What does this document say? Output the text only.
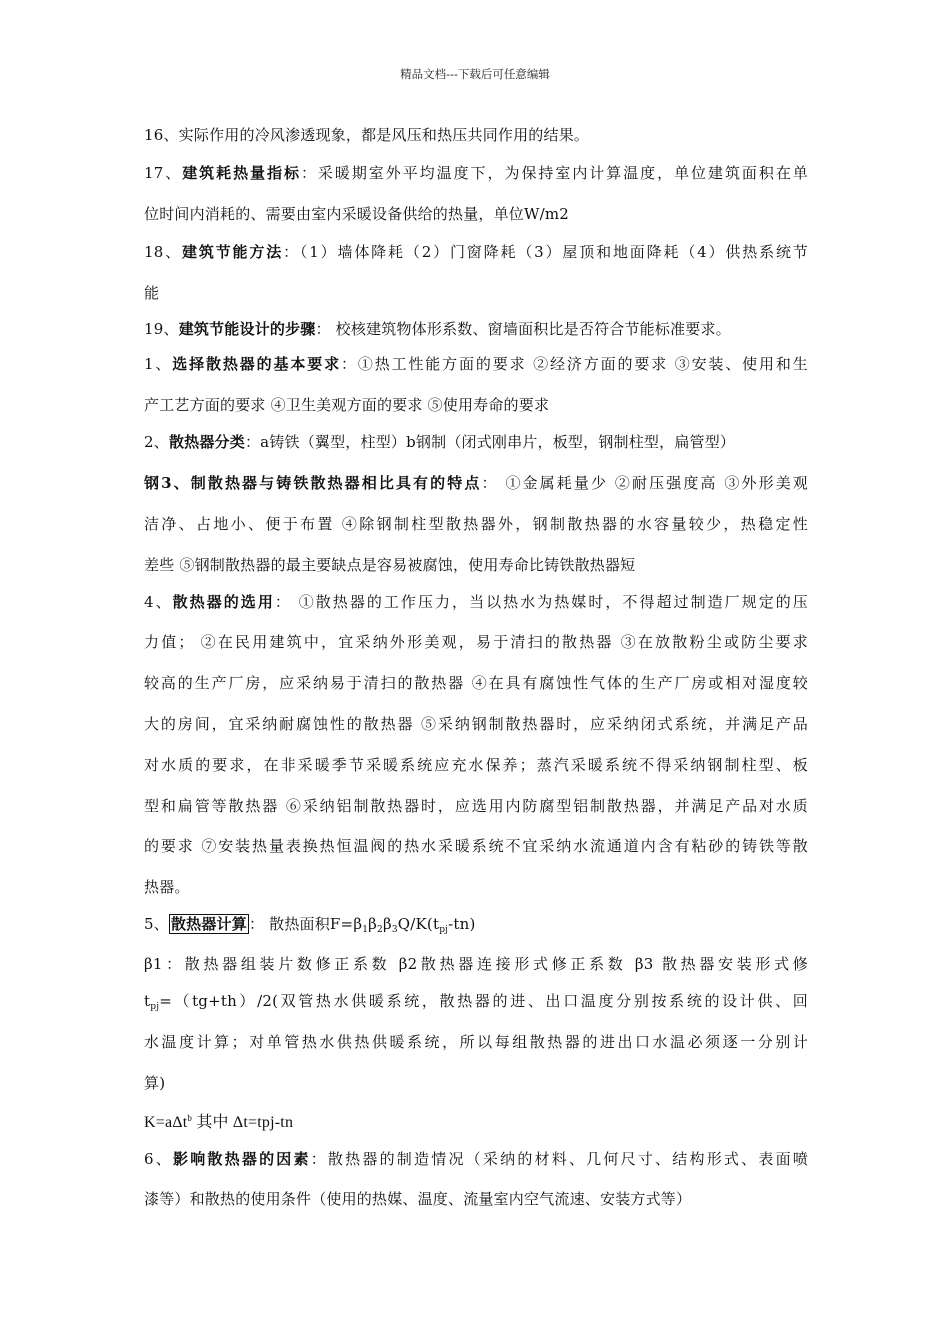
精品文档---下载后可任意编辑
16、实际作用的冷风渗透现象，都是风压和热压共同作用的结果。
17、建筑耗热量指标：采暖期室外平均温度下，为保持室内计算温度，单位建筑面积在单
位时间内消耗的、需要由室内采暖设备供给的热量，单位W/m2
18、建筑节能方法：（1）墙体降耗（2）门窗降耗（3）屋顶和地面降耗（4）供热系统节
能
19、建筑节能设计的步骤： 校核建筑物体形系数、窗墙面积比是否符合节能标准要求。
1、选择散热器的基本要求：①热工性能方面的要求 ②经济方面的要求 ③安装、使用和生
产工艺方面的要求 ④卫生美观方面的要求 ⑤使用寿命的要求
2、散热器分类：a铸铁（翼型，柱型）b钢制（闭式刚串片，板型，钢制柱型，扁管型）
钢3、制散热器与铸铁散热器相比具有的特点： ①金属耗量少 ②耐压强度高 ③外形美观
洁净、占地小、便于布置 ④除钢制柱型散热器外，钢制散热器的水容量较少，热稳定性
差些 ⑤钢制散热器的最主要缺点是容易被腐蚀，使用寿命比铸铁散热器短
4、散热器的选用： ①散热器的工作压力，当以热水为热媒时，不得超过制造厂规定的压
力值； ②在民用建筑中，宜采纳外形美观，易于清扫的散热器 ③在放散粉尘或防尘要求
较高的生产厂房，应采纳易于清扫的散热器 ④在具有腐蚀性气体的生产厂房或相对湿度较
大的房间，宜采纳耐腐蚀性的散热器 ⑤采纳钢制散热器时，应采纳闭式系统，并满足产品
对水质的要求，在非采暖季节采暖系统应充水保养；蒸汽采暖系统不得采纳钢制柱型、板
型和扁管等散热器 ⑥采纳铝制散热器时，应选用内防腐型铝制散热器，并满足产品对水质
的要求 ⑦安装热量表换热恒温阀的热水采暖系统不宜采纳水流通道内含有粘砂的铸铁等散
热器。
5、 散热器计算 ： 散热面积$F=\beta_1\beta_2\beta_3Q/K(t_{pj}-tn)$
β1：散热器组装片数修正系数 β2散热器连接形式修正系数 β3 散热器安装形式修
$t_{pj}=(tg+th)/2$(双管热水供暖系统，散热器的进、出口温度分别按系统的设计供、回
水温度计算；对单管热水供热供暖系统，所以每组散热器的进出口水温必须逐一分别计
算)
K=aΔt$^b$ 其中 Δt=tpj-tn
6、影响散热器的因素：散热器的制造情况（采纳的材料、几何尺寸、结构形式、表面喷
漆等）和散热的使用条件（使用的热媒、温度、流量室内空气流速、安装方式等）
